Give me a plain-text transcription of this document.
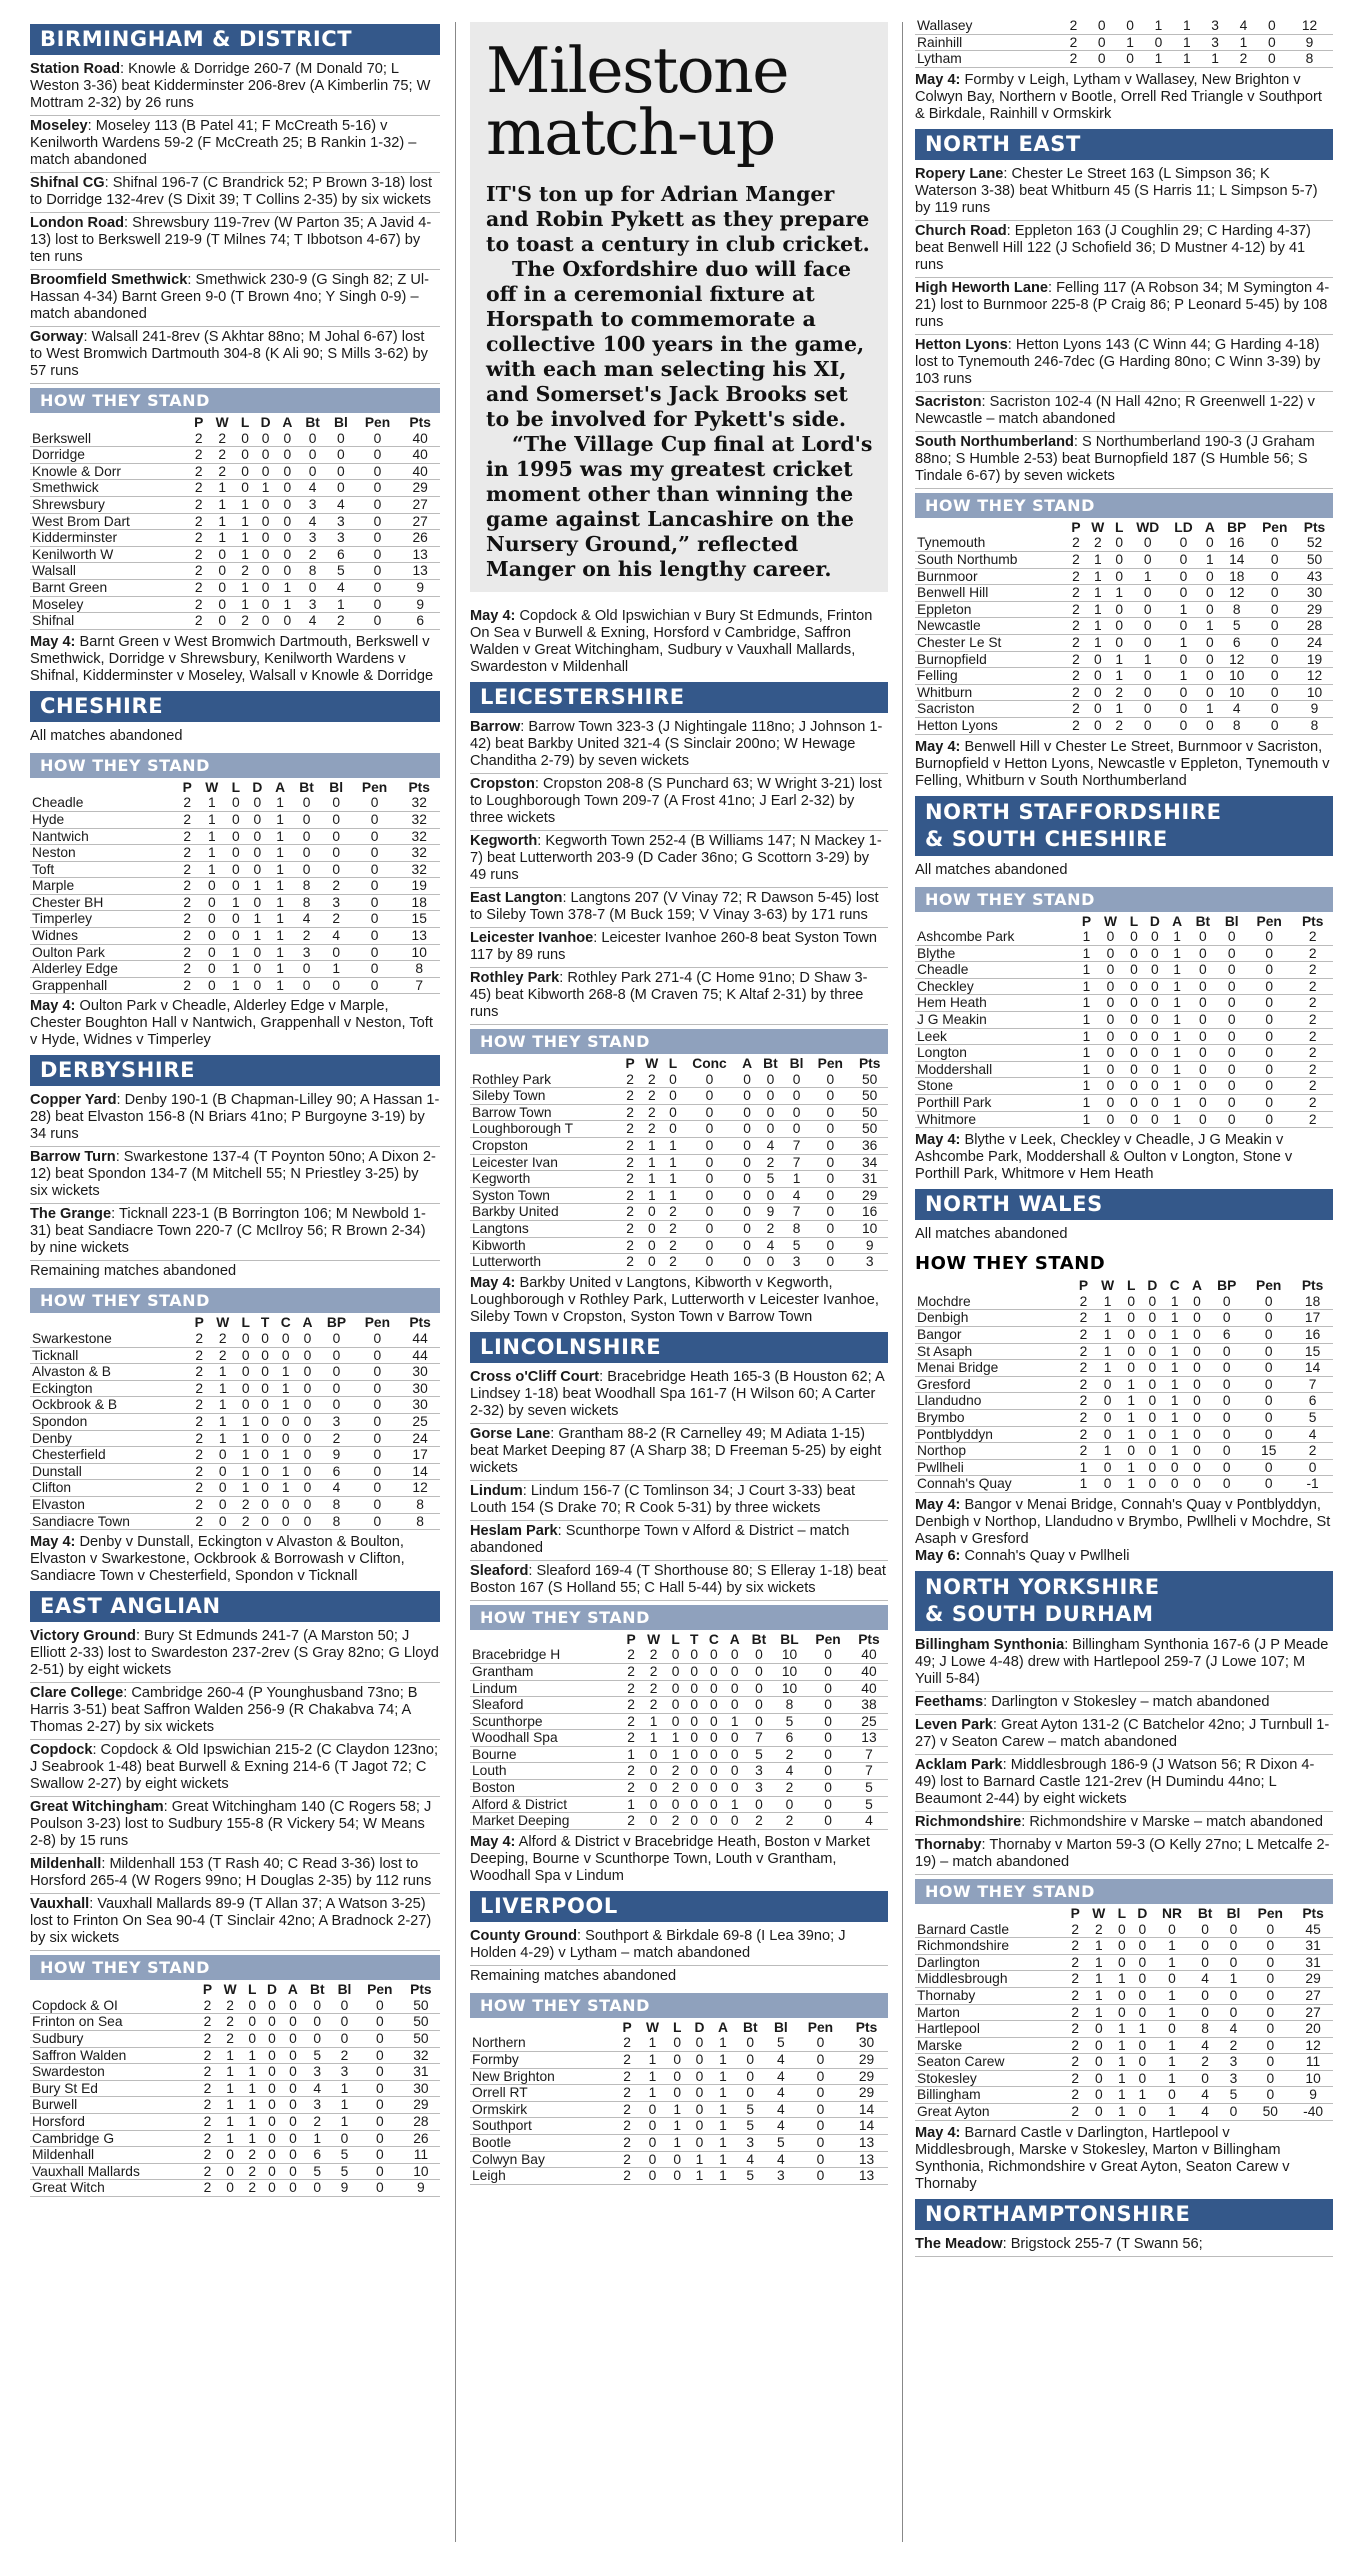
BIRMINGHAM & DISTRICT
Station Road: Knowle & Dorridge 260-7 (M Donald 70; L Weston 3-36) beat Kidderminster 206-8rev (A Kimberlin 75; W Mottram 2-32) by 26 runs
Moseley: Moseley 113 (B Patel 41; F McCreath 5-16) v Kenilworth Wardens 59-2 (F McCreath 25; B Rankin 1-32) – match abandoned
Shifnal CG: Shifnal 196-7 (C Brandrick 52; P Brown 3-18) lost to Dorridge 132-4rev (S Dixit 39; T Collins 2-35) by six wickets
London Road: Shrewsbury 119-7rev (W Parton 35; A Javid 4-13) lost to Berkswell 219-9 (T Milnes 74; T Ibbotson 4-67) by ten runs
Broomfield Smethwick: Smethwick 230-9 (G Singh 82; Z Ul-Hassan 4-34) Barnt Green 9-0 (T Brown 4no; Y Singh 0-9) – match abandoned
Gorway: Walsall 241-8rev (S Akhtar 88no; M Johal 6-67) lost to West Bromwich Dartmouth 304-8 (K Ali 90; S Mills 3-62) by 57 runs
HOW THEY STAND
	P	W	L	D	A	Bt	Bl	Pen	Pts
Berkswell	2	2	0	0	0	0	0	0	40
Dorridge	2	2	0	0	0	0	0	0	40
Knowle & Dorr	2	2	0	0	0	0	0	0	40
Smethwick	2	1	0	1	0	4	0	0	29
Shrewsbury	2	1	1	0	0	3	4	0	27
West Brom Dart	2	1	1	0	0	4	3	0	27
Kidderminster	2	1	1	0	0	3	3	0	26
Kenilworth W	2	0	1	0	0	2	6	0	13
Walsall	2	0	2	0	0	8	5	0	13
Barnt Green	2	0	1	0	1	0	4	0	9
Moseley	2	0	1	0	1	3	1	0	9
Shifnal	2	0	2	0	0	4	2	0	6
May 4: Barnt Green v West Bromwich Dartmouth, Berkswell v Smethwick, Dorridge v Shrewsbury, Kenilworth Wardens v Shifnal, Kidderminster v Moseley, Walsall v Knowle & Dorridge
CHESHIRE
All matches abandoned
HOW THEY STAND
	P	W	L	D	A	Bt	Bl	Pen	Pts
Cheadle	2	1	0	0	1	0	0	0	32
Hyde	2	1	0	0	1	0	0	0	32
Nantwich	2	1	0	0	1	0	0	0	32
Neston	2	1	0	0	1	0	0	0	32
Toft	2	1	0	0	1	0	0	0	32
Marple	2	0	0	1	1	8	2	0	19
Chester BH	2	0	1	0	1	8	3	0	18
Timperley	2	0	0	1	1	4	2	0	15
Widnes	2	0	0	1	1	2	4	0	13
Oulton Park	2	0	1	0	1	3	0	0	10
Alderley Edge	2	0	1	0	1	0	1	0	8
Grappenhall	2	0	1	0	1	0	0	0	7
May 4: Oulton Park v Cheadle, Alderley Edge v Marple, Chester Boughton Hall v Nantwich, Grappenhall v Neston, Toft v Hyde, Widnes v Timperley
DERBYSHIRE
Copper Yard: Denby 190-1 (B Chapman-Lilley 90; A Hassan 1-28) beat Elvaston 156-8 (N Briars 41no; P Burgoyne 3-19) by 34 runs
Barrow Turn: Swarkestone 137-4 (T Poynton 50no; A Dixon 2-12) beat Spondon 134-7 (M Mitchell 55; N Priestley 3-25) by six wickets
The Grange: Ticknall 223-1 (B Borrington 106; M Newbold 1-31) beat Sandiacre Town 220-7 (C McIlroy 56; R Brown 2-34) by nine wickets
Remaining matches abandoned
HOW THEY STAND
	P	W	L	T	C	A	BP	Pen	Pts
Swarkestone	2	2	0	0	0	0	0	0	44
Ticknall	2	2	0	0	0	0	0	0	44
Alvaston & B	2	1	0	0	1	0	0	0	30
Eckington	2	1	0	0	1	0	0	0	30
Ockbrook & B	2	1	0	0	1	0	0	0	30
Spondon	2	1	1	0	0	0	3	0	25
Denby	2	1	1	0	0	0	2	0	24
Chesterfield	2	0	1	0	1	0	9	0	17
Dunstall	2	0	1	0	1	0	6	0	14
Clifton	2	0	1	0	1	0	4	0	12
Elvaston	2	0	2	0	0	0	8	0	8
Sandiacre Town	2	0	2	0	0	0	8	0	8
May 4: Denby v Dunstall, Eckington v Alvaston & Boulton, Elvaston v Swarkestone, Ockbrook & Borrowash v Clifton, Sandiacre Town v Chesterfield, Spondon v Ticknall
EAST ANGLIAN
Victory Ground: Bury St Edmunds 241-7 (A Marston 50; J Elliott 2-33) lost to Swardeston 237-2rev (S Gray 82no; G Lloyd 2-51) by eight wickets
Clare College: Cambridge 260-4 (P Younghusband 73no; B Harris 3-51) beat Saffron Walden 256-9 (R Chakabva 74; A Thomas 2-27) by six wickets
Copdock: Copdock & Old Ipswichian 215-2 (C Claydon 123no; J Seabrook 1-48) beat Burwell & Exning 214-6 (T Jagot 72; C Swallow 2-27) by eight wickets
Great Witchingham: Great Witchingham 140 (C Rogers 58; J Poulson 3-23) lost to Sudbury 155-8 (R Vickery 54; W Means 2-8) by 15 runs
Mildenhall: Mildenhall 153 (T Rash 40; C Read 3-36) lost to Horsford 265-4 (W Rogers 99no; H Douglas 2-35) by 112 runs
Vauxhall: Vauxhall Mallards 89-9 (T Allan 37; A Watson 3-25) lost to Frinton On Sea 90-4 (T Sinclair 42no; A Bradnock 2-27) by six wickets
HOW THEY STAND
	P	W	L	D	A	Bt	Bl	Pen	Pts
Copdock & OI	2	2	0	0	0	0	0	0	50
Frinton on Sea	2	2	0	0	0	0	0	0	50
Sudbury	2	2	0	0	0	0	0	0	50
Saffron Walden	2	1	1	0	0	5	2	0	32
Swardeston	2	1	1	0	0	3	3	0	31
Bury St Ed	2	1	1	0	0	4	1	0	30
Burwell	2	1	1	0	0	3	1	0	29
Horsford	2	1	1	0	0	2	1	0	28
Cambridge G	2	1	1	0	0	1	0	0	26
Mildenhall	2	0	2	0	0	6	5	0	11
Vauxhall Mallards	2	0	2	0	0	5	5	0	10
Great Witch	2	0	2	0	0	0	9	0	9
Milestone match-up

IT'S ton up for Adrian Manger and Robin Pykett as they prepare to toast a century in club cricket.

The Oxfordshire duo will face off in a ceremonial fixture at Horspath to commemorate a collective 100 years in the game, with each man selecting his XI, and Somerset's Jack Brooks set to be involved for Pykett's side.

“The Village Cup final at Lord's in 1995 was my greatest cricket moment other than winning the game against Lancashire on the Nursery Ground,” reflected Manger on his lengthy career.

May 4: Copdock & Old Ipswichian v Bury St Edmunds, Frinton On Sea v Burwell & Exning, Horsford v Cambridge, Saffron Walden v Great Witchingham, Sudbury v Vauxhall Mallards, Swardeston v Mildenhall
LEICESTERSHIRE
Barrow: Barrow Town 323-3 (J Nightingale 118no; J Johnson 1-42) beat Barkby United 321-4 (S Sinclair 200no; W Hewage Chanditha 2-79) by seven wickets
Cropston: Cropston 208-8 (S Punchard 63; W Wright 3-21) lost to Loughborough Town 209-7 (A Frost 41no; J Earl 2-32) by three wickets
Kegworth: Kegworth Town 252-4 (B Williams 147; N Mackey 1-7) beat Lutterworth 203-9 (D Cader 36no; G Scottorn 3-29) by 49 runs
East Langton: Langtons 207 (V Vinay 72; R Dawson 5-45) lost to Sileby Town 378-7 (M Buck 159; V Vinay 3-63) by 171 runs
Leicester Ivanhoe: Leicester Ivanhoe 260-8 beat Syston Town 117 by 89 runs
Rothley Park: Rothley Park 271-4 (C Home 91no; D Shaw 3-45) beat Kibworth 268-8 (M Craven 75; K Altaf 2-31) by three runs
HOW THEY STAND
	P	W	L	Conc	A	Bt	Bl	Pen	Pts
Rothley Park	2	2	0	0	0	0	0	0	50
Sileby Town	2	2	0	0	0	0	0	0	50
Barrow Town	2	2	0	0	0	0	0	0	50
Loughborough T	2	2	0	0	0	0	0	0	50
Cropston	2	1	1	0	0	4	7	0	36
Leicester Ivan	2	1	1	0	0	2	7	0	34
Kegworth	2	1	1	0	0	5	1	0	31
Syston Town	2	1	1	0	0	0	4	0	29
Barkby United	2	0	2	0	0	9	7	0	16
Langtons	2	0	2	0	0	2	8	0	10
Kibworth	2	0	2	0	0	4	5	0	9
Lutterworth	2	0	2	0	0	0	3	0	3
May 4: Barkby United v Langtons, Kibworth v Kegworth, Loughborough v Rothley Park, Lutterworth v Leicester Ivanhoe, Sileby Town v Cropston, Syston Town v Barrow Town
LINCOLNSHIRE
Cross o'Cliff Court: Bracebridge Heath 165-3 (B Houston 62; A Lindsey 1-18) beat Woodhall Spa 161-7 (H Wilson 60; A Carter 2-32) by seven wickets
Gorse Lane: Grantham 88-2 (R Carnelley 49; M Adiata 1-15) beat Market Deeping 87 (A Sharp 38; D Freeman 5-25) by eight wickets
Lindum: Lindum 156-7 (C Tomlinson 34; J Court 3-33) beat Louth 154 (S Drake 70; R Cook 5-31) by three wickets
Heslam Park: Scunthorpe Town v Alford & District – match abandoned
Sleaford: Sleaford 169-4 (T Shorthouse 80; S Elleray 1-18) beat Boston 167 (S Holland 55; C Hall 5-44) by six wickets
HOW THEY STAND
	P	W	L	T	C	A	Bt	BL	Pen	Pts
Bracebridge H	2	2	0	0	0	0	0	10	0	40
Grantham	2	2	0	0	0	0	0	10	0	40
Lindum	2	2	0	0	0	0	0	10	0	40
Sleaford	2	2	0	0	0	0	0	8	0	38
Scunthorpe	2	1	0	0	0	1	0	5	0	25
Woodhall Spa	2	1	1	0	0	0	7	6	0	13
Bourne	1	0	1	0	0	0	5	2	0	7
Louth	2	0	2	0	0	0	3	4	0	7
Boston	2	0	2	0	0	0	3	2	0	5
Alford & District	1	0	0	0	0	1	0	0	0	5
Market Deeping	2	0	2	0	0	0	2	2	0	4
May 4: Alford & District v Bracebridge Heath, Boston v Market Deeping, Bourne v Scunthorpe Town, Louth v Grantham, Woodhall Spa v Lindum
LIVERPOOL
County Ground: Southport & Birkdale 69-8 (I Lea 39no; J Holden 4-29) v Lytham – match abandoned
Remaining matches abandoned
HOW THEY STAND
	P	W	L	D	A	Bt	Bl	Pen	Pts
Northern	2	1	0	0	1	0	5	0	30
Formby	2	1	0	0	1	0	4	0	29
New Brighton	2	1	0	0	1	0	4	0	29
Orrell RT	2	1	0	0	1	0	4	0	29
Ormskirk	2	0	1	0	1	5	4	0	14
Southport	2	0	1	0	1	5	4	0	14
Bootle	2	0	1	0	1	3	5	0	13
Colwyn Bay	2	0	0	1	1	4	4	0	13
Leigh	2	0	0	1	1	5	3	0	13
Wallasey	2	0	0	1	1	3	4	0	12
Rainhill	2	0	1	0	1	3	1	0	9
Lytham	2	0	0	1	1	1	2	0	8
May 4: Formby v Leigh, Lytham v Wallasey, New Brighton v Colwyn Bay, Northern v Bootle, Orrell Red Triangle v Southport & Birkdale, Rainhill v Ormskirk
NORTH EAST
Ropery Lane: Chester Le Street 163 (L Simpson 36; K Waterson 3-38) beat Whitburn 45 (S Harris 11; L Simpson 5-7) by 119 runs
Church Road: Eppleton 163 (J Coughlin 29; C Harding 4-37) beat Benwell Hill 122 (J Schofield 36; D Mustner 4-12) by 41 runs
High Heworth Lane: Felling 117 (A Robson 34; M Symington 4-21) lost to Burnmoor 225-8 (P Craig 86; P Leonard 5-45) by 108 runs
Hetton Lyons: Hetton Lyons 143 (C Winn 44; G Harding 4-18) lost to Tynemouth 246-7dec (G Harding 80no; C Winn 3-39) by 103 runs
Sacriston: Sacriston 102-4 (N Hall 42no; R Greenwell 1-22) v Newcastle – match abandoned
South Northumberland: S Northumberland 190-3 (J Graham 88no; S Humble 2-53) beat Burnopfield 187 (S Humble 56; S Tindale 6-67) by seven wickets
HOW THEY STAND
	P	W	L	WD	LD	A	BP	Pen	Pts
Tynemouth	2	2	0	0	0	0	16	0	52
South Northumb	2	1	0	0	0	1	14	0	50
Burnmoor	2	1	0	1	0	0	18	0	43
Benwell Hill	2	1	1	0	0	0	12	0	30
Eppleton	2	1	0	0	1	0	8	0	29
Newcastle	2	1	0	0	0	1	5	0	28
Chester Le St	2	1	0	0	1	0	6	0	24
Burnopfield	2	0	1	1	0	0	12	0	19
Felling	2	0	1	0	1	0	10	0	12
Whitburn	2	0	2	0	0	0	10	0	10
Sacriston	2	0	1	0	0	1	4	0	9
Hetton Lyons	2	0	2	0	0	0	8	0	8
May 4: Benwell Hill v Chester Le Street, Burnmoor v Sacriston, Burnopfield v Hetton Lyons, Newcastle v Eppleton, Tynemouth v Felling, Whitburn v South Northumberland
NORTH STAFFORDSHIRE
& SOUTH CHESHIRE
All matches abandoned
HOW THEY STAND
	P	W	L	D	A	Bt	Bl	Pen	Pts
Ashcombe Park	1	0	0	0	1	0	0	0	2
Blythe	1	0	0	0	1	0	0	0	2
Cheadle	1	0	0	0	1	0	0	0	2
Checkley	1	0	0	0	1	0	0	0	2
Hem Heath	1	0	0	0	1	0	0	0	2
J G Meakin	1	0	0	0	1	0	0	0	2
Leek	1	0	0	0	1	0	0	0	2
Longton	1	0	0	0	1	0	0	0	2
Moddershall	1	0	0	0	1	0	0	0	2
Stone	1	0	0	0	1	0	0	0	2
Porthill Park	1	0	0	0	1	0	0	0	2
Whitmore	1	0	0	0	1	0	0	0	2
May 4: Blythe v Leek, Checkley v Cheadle, J G Meakin v Ashcombe Park, Moddershall & Oulton v Longton, Stone v Porthill Park, Whitmore v Hem Heath
NORTH WALES
All matches abandoned
HOW THEY STAND
	P	W	L	D	C	A	BP	Pen	Pts
Mochdre	2	1	0	0	1	0	0	0	18
Denbigh	2	1	0	0	1	0	0	0	17
Bangor	2	1	0	0	1	0	6	0	16
St Asaph	2	1	0	0	1	0	0	0	15
Menai Bridge	2	1	0	0	1	0	0	0	14
Gresford	2	0	1	0	1	0	0	0	7
Llandudno	2	0	1	0	1	0	0	0	6
Brymbo	2	0	1	0	1	0	0	0	5
Pontblyddyn	2	0	1	0	1	0	0	0	4
Northop	2	1	0	0	1	0	0	15	2
Pwllheli	1	0	1	0	0	0	0	0	0
Connah's Quay	1	0	1	0	0	0	0	0	-1
May 4: Bangor v Menai Bridge, Connah's Quay v Pontblyddyn, Denbigh v Northop, Llandudno v Brymbo, Pwllheli v Mochdre, St Asaph v Gresford
May 6: Connah's Quay v Pwllheli
NORTH YORKSHIRE
& SOUTH DURHAM
Billingham Synthonia: Billingham Synthonia 167-6 (J P Meade 49; J Lowe 4-48) drew with Hartlepool 259-7 (J Lowe 107; M Yuill 5-84)
Feethams: Darlington v Stokesley – match abandoned
Leven Park: Great Ayton 131-2 (C Batchelor 42no; J Turnbull 1-27) v Seaton Carew – match abandoned
Acklam Park: Middlesbrough 186-9 (J Watson 56; R Dixon 4-49) lost to Barnard Castle 121-2rev (H Dumindu 44no; L Beaumont 2-44) by eight wickets
Richmondshire: Richmondshire v Marske – match abandoned
Thornaby: Thornaby v Marton 59-3 (O Kelly 27no; L Metcalfe 2-19) – match abandoned
HOW THEY STAND
	P	W	L	D	NR	Bt	Bl	Pen	Pts
Barnard Castle	2	2	0	0	0	0	0	0	45
Richmondshire	2	1	0	0	1	0	0	0	31
Darlington	2	1	0	0	1	0	0	0	31
Middlesbrough	2	1	1	0	0	4	1	0	29
Thornaby	2	1	0	0	1	0	0	0	27
Marton	2	1	0	0	1	0	0	0	27
Hartlepool	2	0	1	1	0	8	4	0	20
Marske	2	0	1	0	1	4	2	0	12
Seaton Carew	2	0	1	0	1	2	3	0	11
Stokesley	2	0	1	0	1	0	3	0	10
Billingham	2	0	1	1	0	4	5	0	9
Great Ayton	2	0	1	0	1	4	0	50	-40
May 4: Barnard Castle v Darlington, Hartlepool v Middlesbrough, Marske v Stokesley, Marton v Billingham Synthonia, Richmondshire v Great Ayton, Seaton Carew v Thornaby
NORTHAMPTONSHIRE
The Meadow: Brigstock 255-7 (T Swann 56;
